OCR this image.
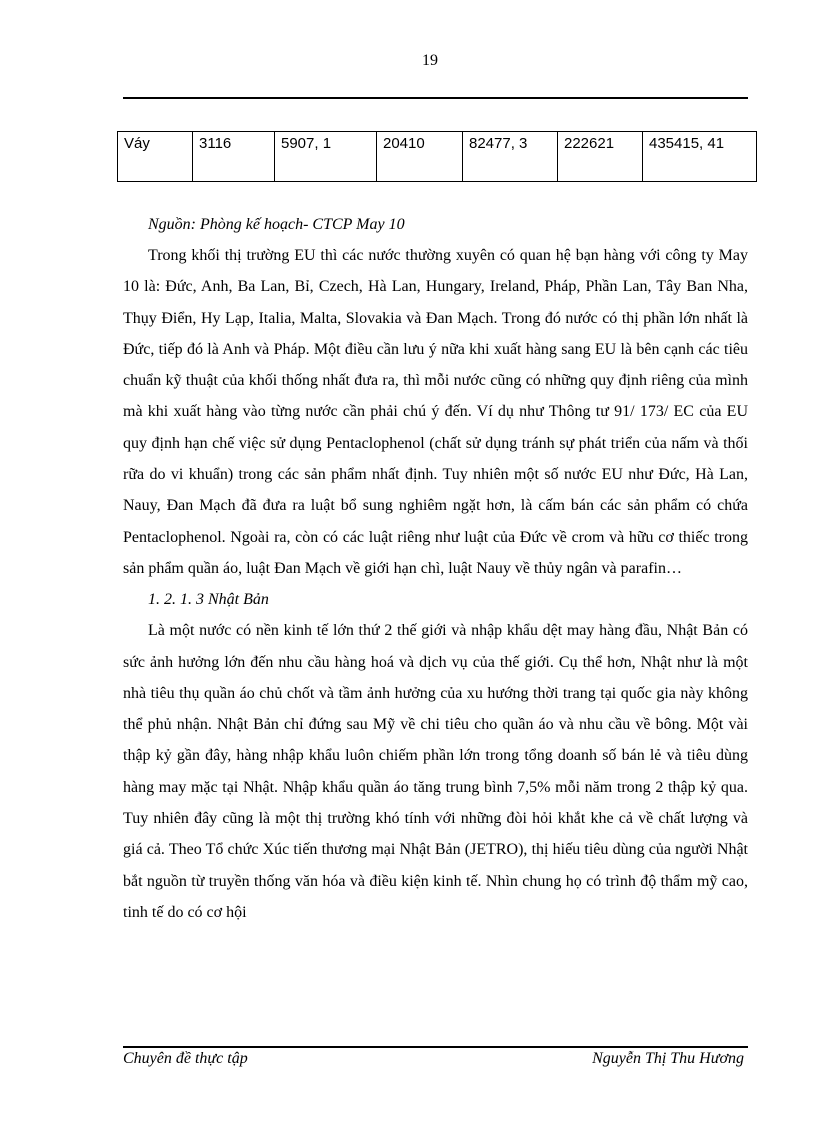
19
Váy	3116	5907, 1	20410	82477, 3	222621	435415, 41
Nguồn: Phòng kế hoạch- CTCP May 10

Trong khối thị trường EU thì các nước thường xuyên có quan hệ bạn hàng với công ty May 10 là: Đức, Anh, Ba Lan, Bỉ, Czech, Hà Lan, Hungary, Ireland, Pháp, Phần Lan, Tây Ban Nha, Thụy Điển, Hy Lạp, Italia, Malta, Slovakia và Đan Mạch. Trong đó nước có thị phần lớn nhất là Đức, tiếp đó là Anh và Pháp. Một điều cần lưu ý nữa khi xuất hàng sang EU là bên cạnh các tiêu chuẩn kỹ thuật của khối thống nhất đưa ra, thì mỗi nước cũng có những quy định riêng của mình mà khi xuất hàng vào từng nước cần phải chú ý đến. Ví dụ như Thông tư 91/ 173/ EC của EU quy định hạn chế việc sử dụng Pentaclophenol (chất sử dụng tránh sự phát triển của nấm và thối rữa do vi khuẩn) trong các sản phẩm nhất định. Tuy nhiên một số nước EU như Đức, Hà Lan, Nauy, Đan Mạch đã đưa ra luật bổ sung nghiêm ngặt hơn, là cấm bán các sản phẩm có chứa Pentaclophenol. Ngoài ra, còn có các luật riêng như luật của Đức về crom và hữu cơ thiếc trong sản phẩm quần áo, luật Đan Mạch về giới hạn chì, luật Nauy về thủy ngân và parafin…

1. 2. 1. 3 Nhật Bản

Là một nước có nền kinh tế lớn thứ 2 thế giới và nhập khẩu dệt may hàng đầu, Nhật Bản có sức ảnh hưởng lớn đến nhu cầu hàng hoá và dịch vụ của thế giới. Cụ thể hơn, Nhật như là một nhà tiêu thụ quần áo chủ chốt và tầm ảnh hưởng của xu hướng thời trang tại quốc gia này không thể phủ nhận. Nhật Bản chỉ đứng sau Mỹ về chi tiêu cho quần áo và nhu cầu về bông. Một vài thập kỷ gần đây, hàng nhập khẩu luôn chiếm phần lớn trong tổng doanh số bán lẻ và tiêu dùng hàng may mặc tại Nhật. Nhập khẩu quần áo tăng trung bình 7,5% mỗi năm trong 2 thập kỷ qua. Tuy nhiên đây cũng là một thị trường khó tính với những đòi hỏi khắt khe cả về chất lượng và giá cả. Theo Tổ chức Xúc tiến thương mại Nhật Bản (JETRO), thị hiếu tiêu dùng của người Nhật bắt nguồn từ truyền thống văn hóa và điều kiện kinh tế. Nhìn chung họ có trình độ thẩm mỹ cao, tinh tế do có cơ hội

Chuyên đề thực tập	Nguyễn Thị Thu Hương
